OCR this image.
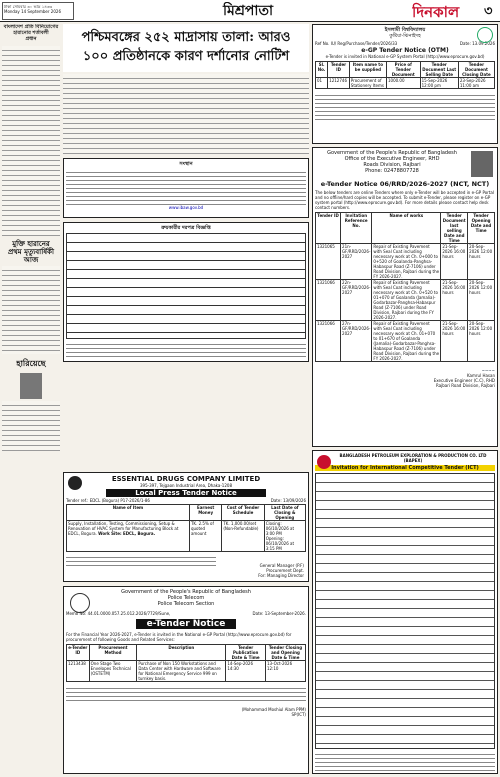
ঢাকা সোমবার ৩০ ভাদ্র ১৪৩৩
Monday 14 September 2026	মিশ্রপাতা	দিনকাল	৩
বাংলাদেশ প্রতি বিনিয়োগের হারানোর শর্তাবলী
প্রধান
মুক্তি হারানের
প্রথম মৃত্যুবার্ষিকী
আজ
হারিয়েছে
পশ্চিমবঙ্গের ২৫২ মাদ্রাসায় তালা: আরও
১০০ প্রতিষ্ঠানকে কারণ দর্শানোর নোটিশ
ইসলামী বিশ্ববিদ্যালয়
কুষ্টিয়া-ঝিনাইদহ
Ref No. IU/ Reg/Purchase/Tender/2026/33	Date: 13.09.2026
e-GP Tender Notice (OTM)
e-Tender is invited in National e-GP System Portal (http://www.eprocure.gov.bd)
Sl. No.	Tender ID	Item name to be supplied	Price of Tender Document	Tender Document Last Selling Date	Tender Document Closing Date
01	1212746	Procurement of Stationery Items	1000.00	15-Sep-2026 12:00 pm	23-Sep-2026 11:00 am
সংস্থান
www.ibaw.gov.bd
ক্রয়কারীর দরপত্র বিজ্ঞপ্তি
Government of the People's Republic of Bangladesh
Office of the Executive Engineer, RHD
Roads Division, Rajbari
Phone: 02478807728
e-Tender Notice 06/RRD/2026-2027 (NCT, NCT)
The below tenders are online Tenders where only e-Tender will be accepted in e-GP Portal and no offline/hard copies will be accepted. To submit e-Tender, please register on e-GP system portal (http://www.eprocure.gov.bd). For more details please contact help desk contact numbers.
Tender ID	Invitation Reference No.	Name of works	Tender Document last selling Date and Time	Tender Opening Date and Time
1321065	21n-GF/RRD/2026-2027	Repair of Existing Pavement with Seal Coat including necessary work at Ch. 0+000 to 0+520 of Goalanda-Panghsa-Habaspur Road (Z-7106) under Road Division, Rajbari during the FY 2026-2027.	21-Sep-2026 16:00 hours	20-Sep-2026 12:00 hours
1321066	22n-GF/RRD/2026-2027	Repair of Existing Pavement with Seal Coat including necessary work at Ch. 0+520 to 01+070 of Goalanda (Jamalia)-Godarbazar-Panghsa-Habaspur Road (Z-7106) under Road Division, Rajbari during the FY 2026-2027.	21-Sep-2026 16:00 hours	20-Sep-2026 12:00 hours
1321066	27n-GF/RRD/2026-2027	Repair of Existing Pavement with Seal Coat including necessary work at Ch. 01+070 to 01+670 of Goalanda (Jamalia)-Godarbazar-Panghsa-Habaspur Road (Z-7106) under Road Division, Rajbari during the FY 2026-2027.	21-Sep-2026 16:00 hours	20-Sep-2026 12:00 hours
~~~~
Kamrul Hasan
Executive Engineer (C.C), RHD
Rajbari Road Division, Rajbari
ESSENTIAL DRUGS COMPANY LIMITED
395-397, Tejgaon Industrial Area, Dhaka-1208
Local Press Tender Notice
Tender ref.: EDCL (Bogura) P17-2026/1-86	Date: 13/09/2026
Name of Item	Earnest Money	Cost of Tender Schedule	Last Date of Closing & Opening
Supply, Installation, Testing, Commissioning, Setup & Renovation of HVAC System for Manufacturing Block at EDCL, Bogura. Work Site: EDCL, Bogura.	TK. 2.5% of quoted amount	TK. 1,000.00/set (Non-Refundable)	Closing: 06/10/2026 at 3:00 PM
Opening: 06/10/2026 at 3:15 PM
General Manager (P.F)
Procurement Dept.
For: Managing Director
Government of the People's Republic of Bangladesh
Police Telecom
Police Telecom Section
Memo No: 44.01.0000.057.25.012.2026/7729/Sune,	Date: 13-September-2026.
e-Tender Notice
For the Financial Year 2026-2027, e-Tender is invited in the National e-GP Portal (http://www.eprocure.gov.bd) for procurement of following Goods and Related Services:
e-Tender ID	Procurement Method	Description	Tender Publication Date & Time	Tender Closing and Opening Date & Time
1213438	One Stage Two Envelopes Technical (OSTETM)	Purchase of Non 150 Workstations and Data Center with Hardware and Software for National Emergency Service 999 on turnkey basis.	14-Sep-2026 14:30	13-Oct-2026 12:10
(Mohammad Moshiul Alam PPM)
SP(ICT)
BANGLADESH PETROLEUM EXPLORATION & PRODUCTION CO. LTD (BAPEX)
Invitation for International Competitive Tender (ICT)
